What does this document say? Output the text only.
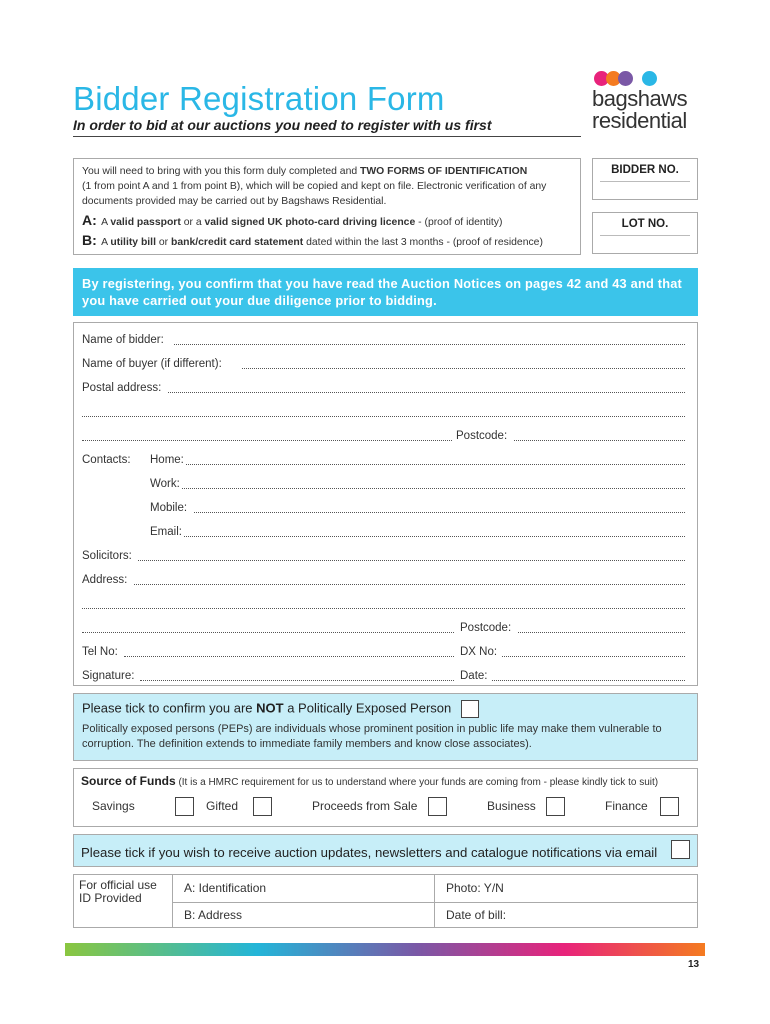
Bidder Registration Form
In order to bid at our auctions you need to register with us first
bagshaws
residential
You will need to bring with you this form duly completed and TWO FORMS OF IDENTIFICATION
(1 from point A and 1 from point B), which will be copied and kept on file. Electronic verification of any documents provided may be carried out by Bagshaws Residential.
A: A valid passport or a valid signed UK photo-card driving licence - (proof of identity)
B: A utility bill or bank/credit card statement dated within the last 3 months - (proof of residence)
BIDDER NO.
LOT NO.
By registering, you confirm that you have read the Auction Notices on pages 42 and 43 and that you have carried out your due diligence prior to bidding.
Name of bidder:
Name of buyer (if different):
Postal address:
Postcode:
Contacts: Home:
Work:
Mobile:
Email:
Solicitors:
Address:
Postcode:
Tel No:	DX No:
Signature:	Date:
Please tick to confirm you are NOT a Politically Exposed Person
Politically exposed persons (PEPs) are individuals whose prominent position in public life may make them vulnerable to corruption. The definition extends to immediate family members and know close associates).
Source of Funds (It is a HMRC requirement for us to understand where your funds are coming from - please kindly tick to suit)
Savings	Gifted	Proceeds from Sale	Business	Finance
Please tick if you wish to receive auction updates, newsletters and catalogue notifications via email
For official use
ID Provided
A: Identification	Photo: Y/N
B: Address	Date of bill:
13
